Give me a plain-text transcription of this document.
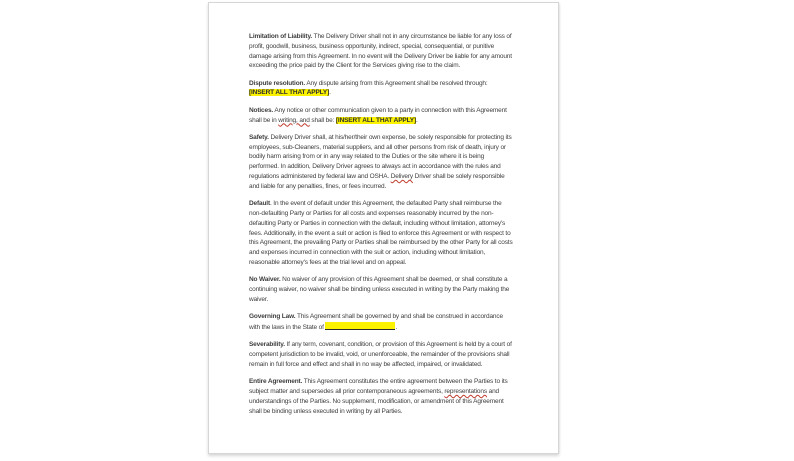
Limitation of Liability. The Delivery Driver shall not in any circumstance be liable for any loss of profit, goodwill, business, business opportunity, indirect, special, consequential, or punitive damage arising from this Agreement. In no event will the Delivery Driver be liable for any amount exceeding the price paid by the Client for the Services giving rise to the claim.

Dispute resolution. Any dispute arising from this Agreement shall be resolved through: [INSERT ALL THAT APPLY].

Notices. Any notice or other communication given to a party in connection with this Agreement shall be in writing, and shall be: [INSERT ALL THAT APPLY].

Safety. Delivery Driver shall, at his/her/their own expense, be solely responsible for protecting its employees, sub-Cleaners, material suppliers, and all other persons from risk of death, injury or bodily harm arising from or in any way related to the Duties or the site where it is being performed. In addition, Delivery Driver agrees to always act in accordance with the rules and regulations administered by federal law and OSHA. Delivery Driver shall be solely responsible and liable for any penalties, fines, or fees incurred.

Default. In the event of default under this Agreement, the defaulted Party shall reimburse the non-defaulting Party or Parties for all costs and expenses reasonably incurred by the non-defaulting Party or Parties in connection with the default, including without limitation, attorney's fees. Additionally, in the event a suit or action is filed to enforce this Agreement or with respect to this Agreement, the prevailing Party or Parties shall be reimbursed by the other Party for all costs and expenses incurred in connection with the suit or action, including without limitation, reasonable attorney's fees at the trial level and on appeal.

No Waiver. No waiver of any provision of this Agreement shall be deemed, or shall constitute a continuing waiver, no waiver shall be binding unless executed in writing by the Party making the waiver.

Governing Law. This Agreement shall be governed by and shall be construed in accordance with the laws in the State of	.

Severability. If any term, covenant, condition, or provision of this Agreement is held by a court of competent jurisdiction to be invalid, void, or unenforceable, the remainder of the provisions shall remain in full force and effect and shall in no way be affected, impaired, or invalidated.

Entire Agreement. This Agreement constitutes the entire agreement between the Parties to its subject matter and supersedes all prior contemporaneous agreements, representations and understandings of the Parties. No supplement, modification, or amendment of this Agreement shall be binding unless executed in writing by all Parties.
